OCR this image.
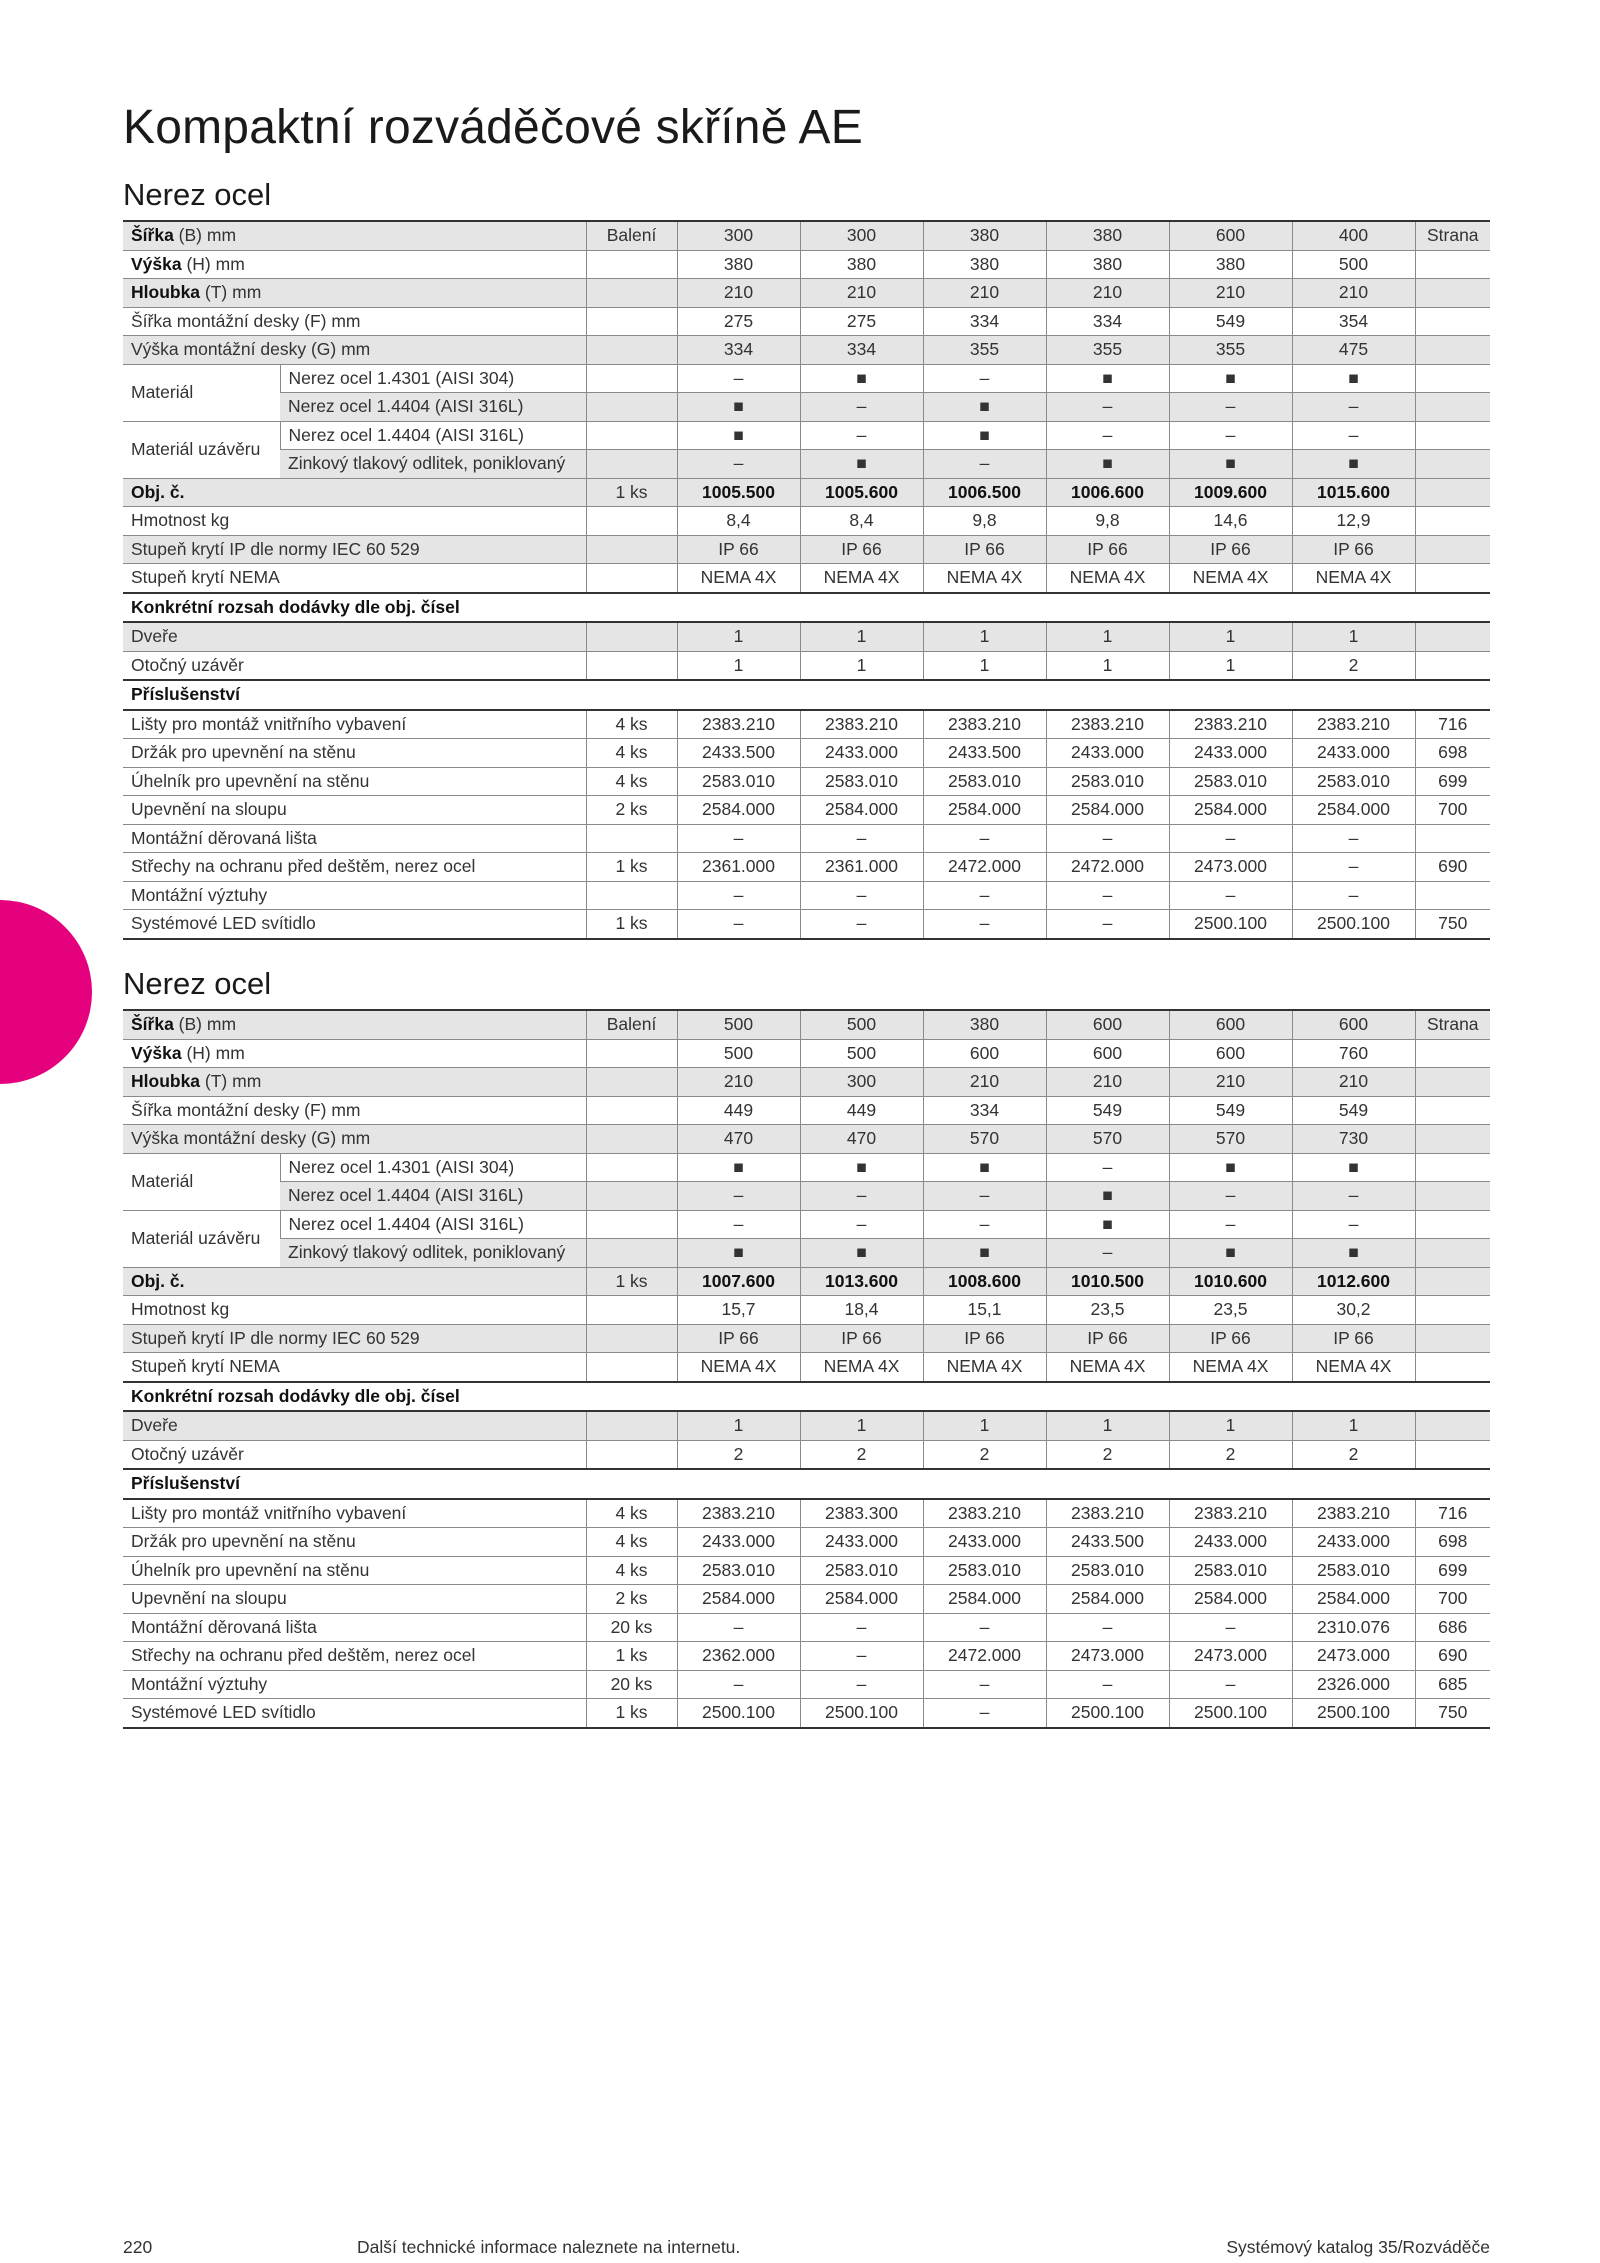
Kompaktní rozváděčové skříně AE
Nerez ocel
Šířka (B) mm		Balení	300	300	380	380	600	400	Strana
Výška (H) mm			380	380	380	380	380	500	
Hloubka (T) mm			210	210	210	210	210	210	
Šířka montážní desky (F) mm			275	275	334	334	549	354	
Výška montážní desky (G) mm			334	334	355	355	355	475	
Materiál	Nerez ocel 1.4301 (AISI 304)		–	■	–	■	■	■	
	Nerez ocel 1.4404 (AISI 316L)		■	–	■	–	–	–	
Materiál uzávěru	Nerez ocel 1.4404 (AISI 316L)		■	–	■	–	–	–	
	Zinkový tlakový odlitek, poniklovaný		–	■	–	■	■	■	
Obj. č.		1 ks	1005.500	1005.600	1006.500	1006.600	1009.600	1015.600	
Hmotnost kg			8,4	8,4	9,8	9,8	14,6	12,9	
Stupeň krytí IP dle normy IEC 60 529			IP 66	IP 66	IP 66	IP 66	IP 66	IP 66	
Stupeň krytí NEMA			NEMA 4X	NEMA 4X	NEMA 4X	NEMA 4X	NEMA 4X	NEMA 4X	
Konkrétní rozsah dodávky dle obj. čísel									
Dveře			1	1	1	1	1	1	
Otočný uzávěr			1	1	1	1	1	2	
Příslušenství									
Lišty pro montáž vnitřního vybavení		4 ks	2383.210	2383.210	2383.210	2383.210	2383.210	2383.210	716
Držák pro upevnění na stěnu		4 ks	2433.500	2433.000	2433.500	2433.000	2433.000	2433.000	698
Úhelník pro upevnění na stěnu		4 ks	2583.010	2583.010	2583.010	2583.010	2583.010	2583.010	699
Upevnění na sloupu		2 ks	2584.000	2584.000	2584.000	2584.000	2584.000	2584.000	700
Montážní děrovaná lišta			–	–	–	–	–	–	
Střechy na ochranu před deštěm, nerez ocel		1 ks	2361.000	2361.000	2472.000	2472.000	2473.000	–	690
Montážní výztuhy			–	–	–	–	–	–	
Systémové LED svítidlo		1 ks	–	–	–	–	2500.100	2500.100	750
Nerez ocel
Šířka (B) mm		Balení	500	500	380	600	600	600	Strana
Výška (H) mm			500	500	600	600	600	760	
Hloubka (T) mm			210	300	210	210	210	210	
Šířka montážní desky (F) mm			449	449	334	549	549	549	
Výška montážní desky (G) mm			470	470	570	570	570	730	
Materiál	Nerez ocel 1.4301 (AISI 304)		■	■	■	–	■	■	
	Nerez ocel 1.4404 (AISI 316L)		–	–	–	■	–	–	
Materiál uzávěru	Nerez ocel 1.4404 (AISI 316L)		–	–	–	■	–	–	
	Zinkový tlakový odlitek, poniklovaný		■	■	■	–	■	■	
Obj. č.		1 ks	1007.600	1013.600	1008.600	1010.500	1010.600	1012.600	
Hmotnost kg			15,7	18,4	15,1	23,5	23,5	30,2	
Stupeň krytí IP dle normy IEC 60 529			IP 66	IP 66	IP 66	IP 66	IP 66	IP 66	
Stupeň krytí NEMA			NEMA 4X	NEMA 4X	NEMA 4X	NEMA 4X	NEMA 4X	NEMA 4X	
Konkrétní rozsah dodávky dle obj. čísel									
Dveře			1	1	1	1	1	1	
Otočný uzávěr			2	2	2	2	2	2	
Příslušenství									
Lišty pro montáž vnitřního vybavení		4 ks	2383.210	2383.300	2383.210	2383.210	2383.210	2383.210	716
Držák pro upevnění na stěnu		4 ks	2433.000	2433.000	2433.000	2433.500	2433.000	2433.000	698
Úhelník pro upevnění na stěnu		4 ks	2583.010	2583.010	2583.010	2583.010	2583.010	2583.010	699
Upevnění na sloupu		2 ks	2584.000	2584.000	2584.000	2584.000	2584.000	2584.000	700
Montážní děrovaná lišta		20 ks	–	–	–	–	–	2310.076	686
Střechy na ochranu před deštěm, nerez ocel		1 ks	2362.000	–	2472.000	2473.000	2473.000	2473.000	690
Montážní výztuhy		20 ks	–	–	–	–	–	2326.000	685
Systémové LED svítidlo		1 ks	2500.100	2500.100	–	2500.100	2500.100	2500.100	750
220	Další technické informace naleznete na internetu.	Systémový katalog 35/Rozváděče
